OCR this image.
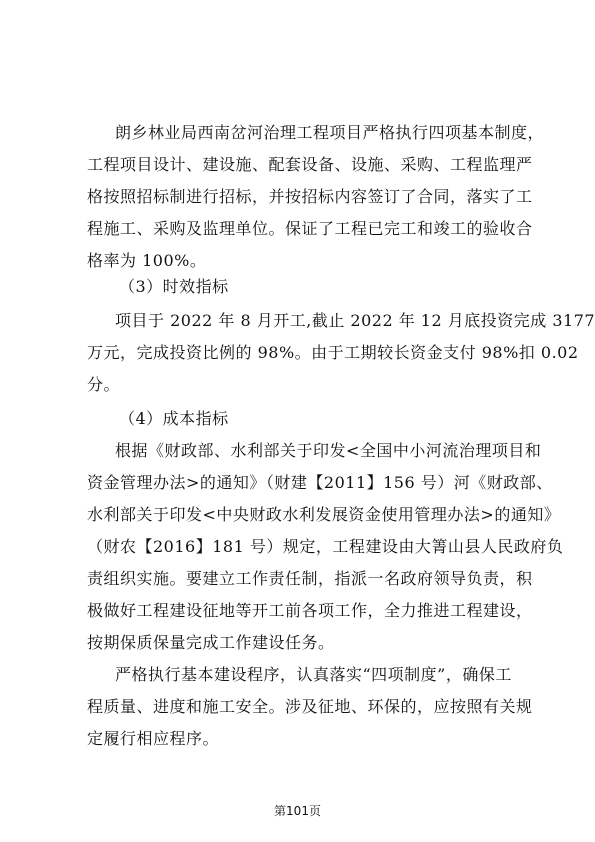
朗乡林业局西南岔河治理工程项目严格执行四项基本制度，
工程项目设计、建设施、配套设备、设施、采购、工程监理严
格按照招标制进行招标，并按招标内容签订了合同，落实了工
程施工、采购及监理单位。保证了工程已完工和竣工的验收合
格率为 100%。
（3）时效指标
项目于 2022 年 8 月开工,截止 2022 年 12 月底投资完成 3177
万元，完成投资比例的 98%。由于工期较长资金支付 98%扣 0.02
分。
（4）成本指标
根据《财政部、水利部关于印发<全国中小河流治理项目和
资金管理办法>的通知》（财建【2011】156 号）河《财政部、
水利部关于印发<中央财政水利发展资金使用管理办法>的通知》
（财农【2016】181 号）规定，工程建设由大箐山县人民政府负
责组织实施。要建立工作责任制，指派一名政府领导负责，积
极做好工程建设征地等开工前各项工作，全力推进工程建设，
按期保质保量完成工作建设任务。
严格执行基本建设程序，认真落实“四项制度”，确保工
程质量、进度和施工安全。涉及征地、环保的，应按照有关规
定履行相应程序。
第101页
